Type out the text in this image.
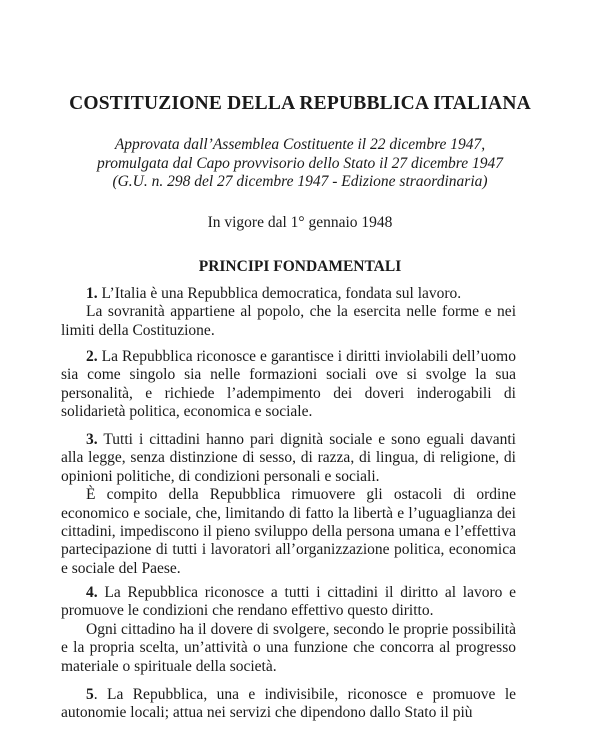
COSTITUZIONE DELLA REPUBBLICA ITALIANA
Approvata dall’Assemblea Costituente il 22 dicembre 1947,
promulgata dal Capo provvisorio dello Stato il 27 dicembre 1947
(G.U. n. 298 del 27 dicembre 1947 - Edizione straordinaria)
In vigore dal 1° gennaio 1948
PRINCIPI FONDAMENTALI

1. L’Italia è una Repubblica democratica, fondata sul lavoro.

La sovranità appartiene al popolo, che la esercita nelle forme e nei limiti della Costituzione.

2. La Repubblica riconosce e garantisce i diritti inviolabili dell’uomo sia come singolo sia nelle formazioni sociali ove si svolge la sua personalità, e richiede l’adempimento dei doveri inderogabili di solidarietà politica, economica e sociale.

3. Tutti i cittadini hanno pari dignità sociale e sono eguali davanti alla legge, senza distinzione di sesso, di razza, di lingua, di religione, di opinioni politiche, di condizioni personali e sociali.

È compito della Repubblica rimuovere gli ostacoli di ordine economico e sociale, che, limitando di fatto la libertà e l’uguaglianza dei cittadini, impediscono il pieno sviluppo della persona umana e l’effettiva partecipazione di tutti i lavoratori all’organizzazione politica, economica e sociale del Paese.

4. La Repubblica riconosce a tutti i cittadini il diritto al lavoro e promuove le condizioni che rendano effettivo questo diritto.

Ogni cittadino ha il dovere di svolgere, secondo le proprie possibilità e la propria scelta, un’attività o una funzione che concorra al progresso materiale o spirituale della società.

5. La Repubblica, una e indivisibile, riconosce e promuove le autonomie locali; attua nei servizi che dipendono dallo Stato il più
